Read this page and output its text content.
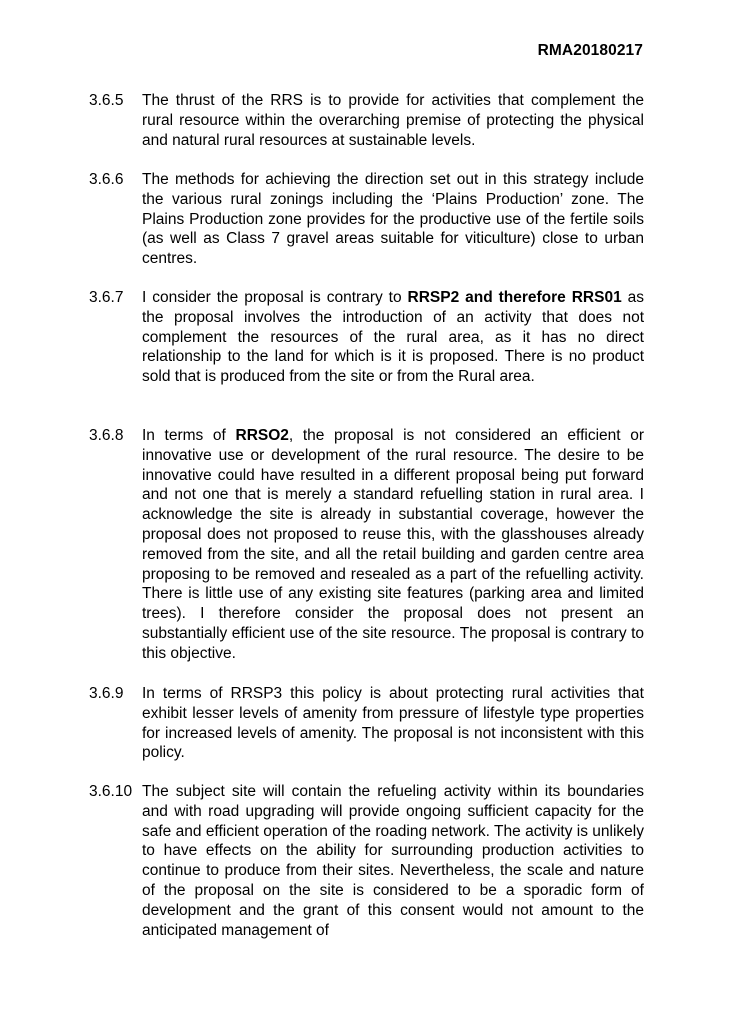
RMA20180217
3.6.5	The thrust of the RRS is to provide for activities that complement the rural resource within the overarching premise of protecting the physical and natural rural resources at sustainable levels.
3.6.6	The methods for achieving the direction set out in this strategy include the various rural zonings including the ‘Plains Production’ zone. The Plains Production zone provides for the productive use of the fertile soils (as well as Class 7 gravel areas suitable for viticulture) close to urban centres.
3.6.7	I consider the proposal is contrary to RRSP2 and therefore RRS01 as the proposal involves the introduction of an activity that does not complement the resources of the rural area, as it has no direct relationship to the land for which is it is proposed. There is no product sold that is produced from the site or from the Rural area.
3.6.8	In terms of RRSO2, the proposal is not considered an efficient or innovative use or development of the rural resource. The desire to be innovative could have resulted in a different proposal being put forward and not one that is merely a standard refuelling station in rural area. I acknowledge the site is already in substantial coverage, however the proposal does not proposed to reuse this, with the glasshouses already removed from the site, and all the retail building and garden centre area proposing to be removed and resealed as a part of the refuelling activity. There is little use of any existing site features (parking area and limited trees). I therefore consider the proposal does not present an substantially efficient use of the site resource. The proposal is contrary to this objective.
3.6.9	In terms of RRSP3 this policy is about protecting rural activities that exhibit lesser levels of amenity from pressure of lifestyle type properties for increased levels of amenity. The proposal is not inconsistent with this policy.
3.6.10 The subject site will contain the refueling activity within its boundaries and with road upgrading will provide ongoing sufficient capacity for the safe and efficient operation of the roading network. The activity is unlikely to have effects on the ability for surrounding production activities to continue to produce from their sites. Nevertheless, the scale and nature of the proposal on the site is considered to be a sporadic form of development and the grant of this consent would not amount to the anticipated management of
